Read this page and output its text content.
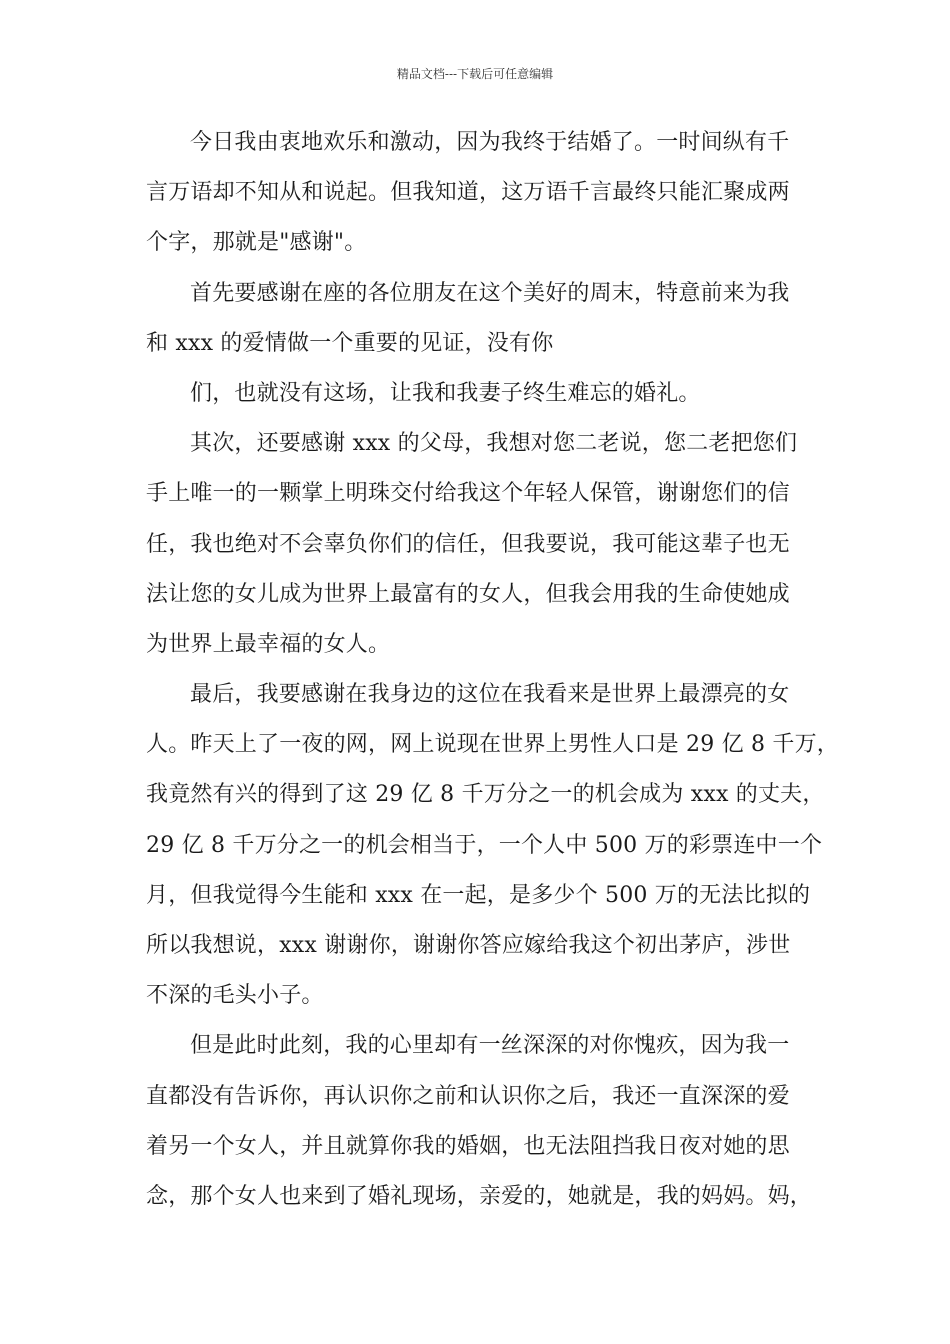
精品文档---下载后可任意编辑
今日我由衷地欢乐和激动，因为我终于结婚了。一时间纵有千
言万语却不知从和说起。但我知道，这万语千言最终只能汇聚成两
个字，那就是"感谢"。
首先要感谢在座的各位朋友在这个美好的周末，特意前来为我
和 xxx 的爱情做一个重要的见证，没有你
们，也就没有这场，让我和我妻子终生难忘的婚礼。
其次，还要感谢 xxx 的父母，我想对您二老说，您二老把您们
手上唯一的一颗掌上明珠交付给我这个年轻人保管，谢谢您们的信
任，我也绝对不会辜负你们的信任，但我要说，我可能这辈子也无
法让您的女儿成为世界上最富有的女人，但我会用我的生命使她成
为世界上最幸福的女人。
最后，我要感谢在我身边的这位在我看来是世界上最漂亮的女
人。昨天上了一夜的网，网上说现在世界上男性人口是 29 亿 8 千万，
我竟然有兴的得到了这 29 亿 8 千万分之一的机会成为 xxx 的丈夫，
29 亿 8 千万分之一的机会相当于，一个人中 500 万的彩票连中一个
月，但我觉得今生能和 xxx 在一起，是多少个 500 万的无法比拟的
所以我想说，xxx 谢谢你，谢谢你答应嫁给我这个初出茅庐，涉世
不深的毛头小子。
但是此时此刻，我的心里却有一丝深深的对你愧疚，因为我一
直都没有告诉你，再认识你之前和认识你之后，我还一直深深的爱
着另一个女人，并且就算你我的婚姻，也无法阻挡我日夜对她的思
念，那个女人也来到了婚礼现场，亲爱的，她就是，我的妈妈。妈，
